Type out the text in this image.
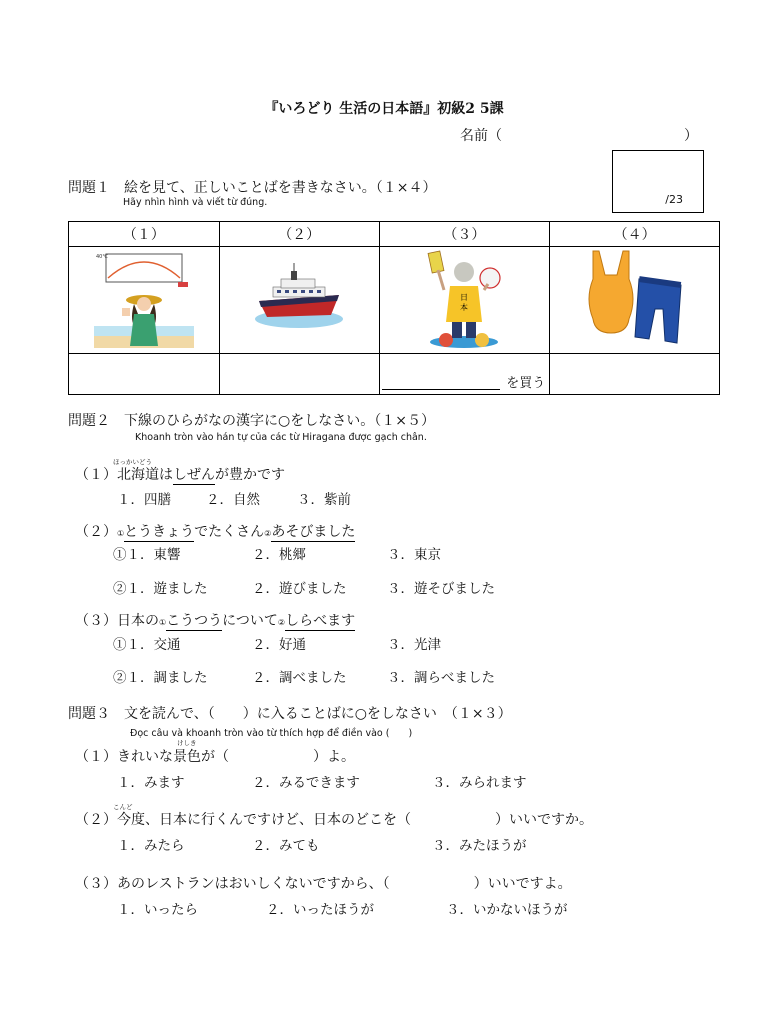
『いろどり 生活の日本語』初級2 5課
名前（	）
/23
問題１　絵を見て、正しいことばを書きなさい。（１×４）
Hãy nhìn hình và viết từ đúng.
（１）	（２）	（３）	（４）

40℃		日
本

		を買う	

問題２　下線のひらがなの漢字に○をしなさい。（１×５）
Khoanh tròn vào hán tự của các từ Hiragana được gạch chân.
ほっかいどう
（１）北海道はしぜんが豊かです
１．四膳	２．自然	３．紫前
（２）①とうきょうでたくさん②あそびました
①１．東響	２．桃郷	３．東京
②１．遊ました	２．遊びました	３．遊そびました
（３）日本の①こうつうについて②しらべます
①１．交通	２．好通	３．光津
②１．調ました	２．調べました	３．調らべました
問題３　文を読んで、（　　）に入ることばに○をしなさい　（１×３）
Đọc câu và khoanh tròn vào từ thích hợp để điền vào (　　)
けしき
（１）きれいな景色が（　　　　　　）よ。
１．みます	２．みるできます	３．みられます
こんど
（２）今度、日本に行くんですけど、日本のどこを（　　　　　　）いいですか。
１．みたら	２．みても	３．みたほうが
（３）あのレストランはおいしくないですから、（　　　　　　）いいですよ。
１．いったら	２．いったほうが	３．いかないほうが
